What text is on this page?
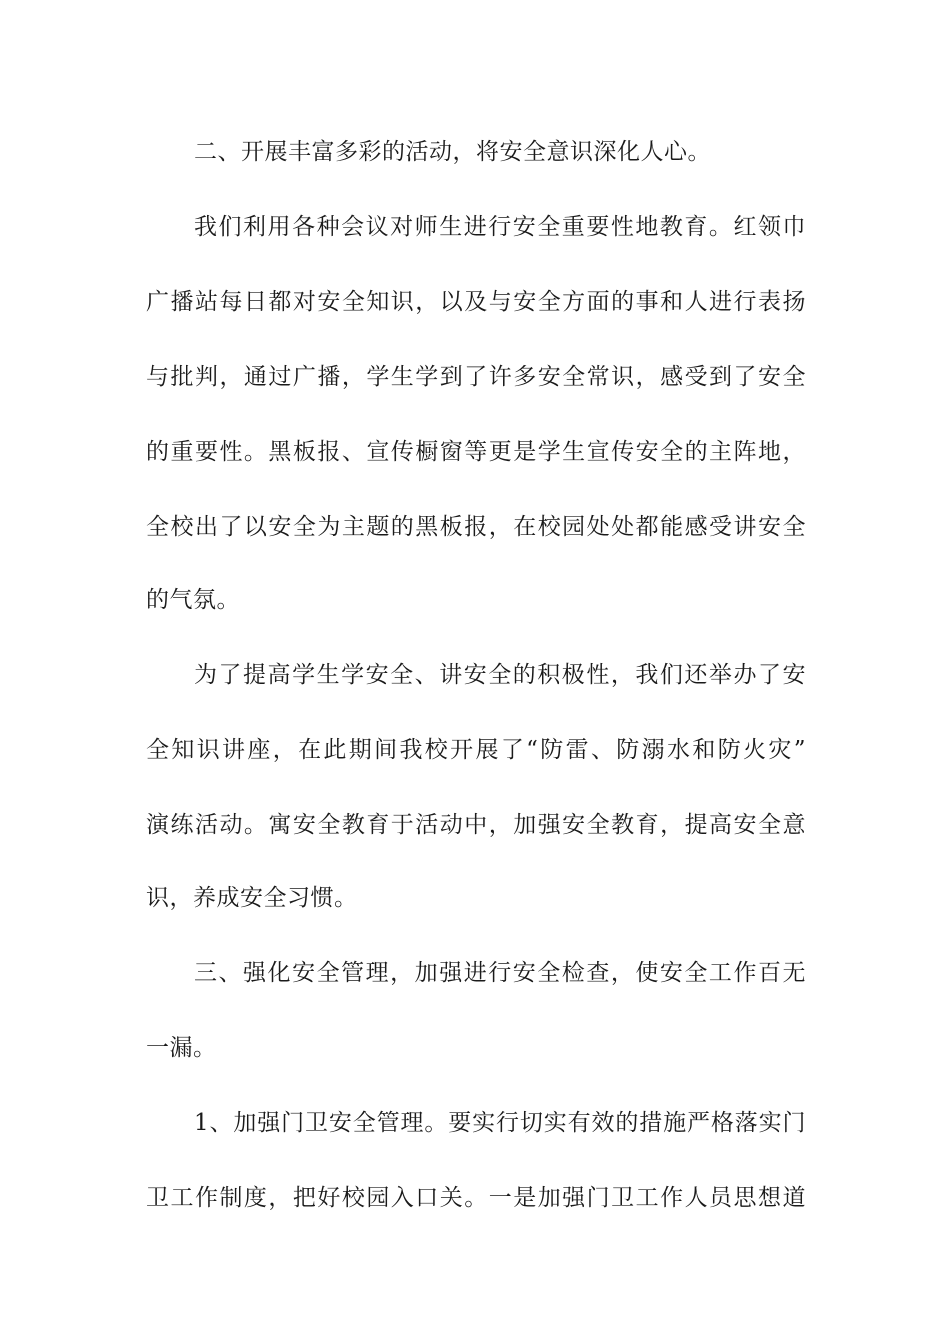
二、开展丰富多彩的活动，将安全意识深化人心。
我们利用各种会议对师生进行安全重要性地教育。红领巾
广播站每日都对安全知识，以及与安全方面的事和人进行表扬
与批判，通过广播，学生学到了许多安全常识，感受到了安全
的重要性。黑板报、宣传橱窗等更是学生宣传安全的主阵地，
全校出了以安全为主题的黑板报，在校园处处都能感受讲安全
的气氛。
为了提高学生学安全、讲安全的积极性，我们还举办了安
全知识讲座，在此期间我校开展了“防雷、防溺水和防火灾”
演练活动。寓安全教育于活动中，加强安全教育，提高安全意
识，养成安全习惯。
三、强化安全管理，加强进行安全检查，使安全工作百无
一漏。
1、加强门卫安全管理。要实行切实有效的措施严格落实门
卫工作制度，把好校园入口关。一是加强门卫工作人员思想道
